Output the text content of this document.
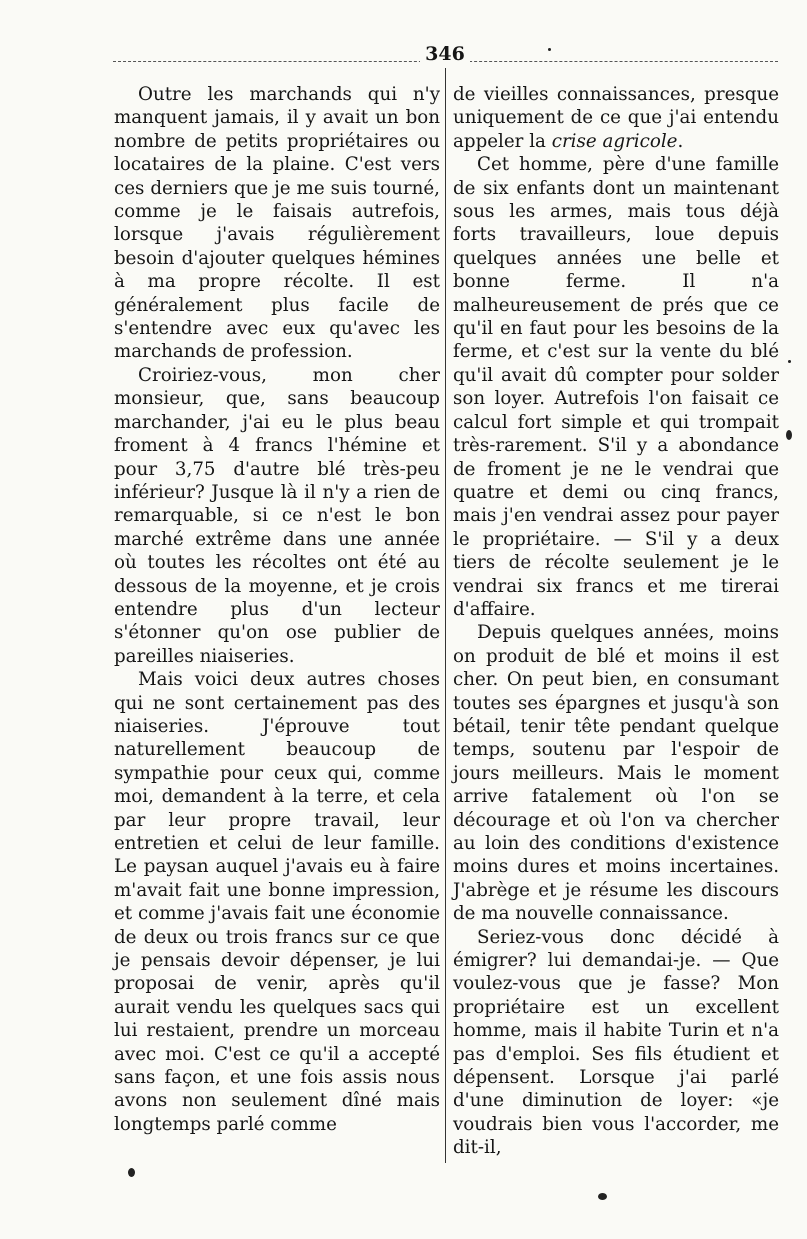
346

Outre les marchands qui n'y manquent jamais, il y avait un bon nombre de petits propriétaires ou locataires de la plaine. C'est vers ces derniers que je me suis tourné, comme je le faisais autrefois, lorsque j'avais régulièrement besoin d'ajouter quelques hémines à ma propre récolte. Il est généralement plus facile de s'entendre avec eux qu'avec les marchands de profession.

Croiriez-vous, mon cher monsieur, que, sans beaucoup marchander, j'ai eu le plus beau froment à 4 francs l'hémine et pour 3,75 d'autre blé très-peu inférieur? Jusque là il n'y a rien de remarquable, si ce n'est le bon marché extrême dans une année où toutes les récoltes ont été au dessous de la moyenne, et je crois entendre plus d'un lecteur s'étonner qu'on ose publier de pareilles niaiseries.

Mais voici deux autres choses qui ne sont certainement pas des niaiseries. J'éprouve tout naturellement beaucoup de sympathie pour ceux qui, comme moi, demandent à la terre, et cela par leur propre travail, leur entretien et celui de leur famille. Le paysan auquel j'avais eu à faire m'avait fait une bonne impression, et comme j'avais fait une économie de deux ou trois francs sur ce que je pensais devoir dépenser, je lui proposai de venir, après qu'il aurait vendu les quelques sacs qui lui restaient, prendre un morceau avec moi. C'est ce qu'il a accepté sans façon, et une fois assis nous avons non seulement dîné mais longtemps parlé comme

de vieilles connaissances, presque uniquement de ce que j'ai entendu appeler la crise agricole.

Cet homme, père d'une famille de six enfants dont un maintenant sous les armes, mais tous déjà forts travailleurs, loue depuis quelques années une belle et bonne ferme. Il n'a malheureusement de prés que ce qu'il en faut pour les besoins de la ferme, et c'est sur la vente du blé qu'il avait dû compter pour solder son loyer. Autrefois l'on faisait ce calcul fort simple et qui trompait très-rarement. S'il y a abondance de froment je ne le vendrai que quatre et demi ou cinq francs, mais j'en vendrai assez pour payer le propriétaire. — S'il y a deux tiers de récolte seulement je le vendrai six francs et me tirerai d'affaire.

Depuis quelques années, moins on produit de blé et moins il est cher. On peut bien, en consumant toutes ses épargnes et jusqu'à son bétail, tenir tête pendant quelque temps, soutenu par l'espoir de jours meilleurs. Mais le moment arrive fatalement où l'on se décourage et où l'on va chercher au loin des conditions d'existence moins dures et moins incertaines. J'abrège et je résume les discours de ma nouvelle connaissance.

Seriez-vous donc décidé à émigrer? lui demandai-je. — Que voulez-vous que je fasse? Mon propriétaire est un excellent homme, mais il habite Turin et n'a pas d'emploi. Ses fils étudient et dépensent. Lorsque j'ai parlé d'une diminution de loyer: «je voudrais bien vous l'accorder, me dit-il,
